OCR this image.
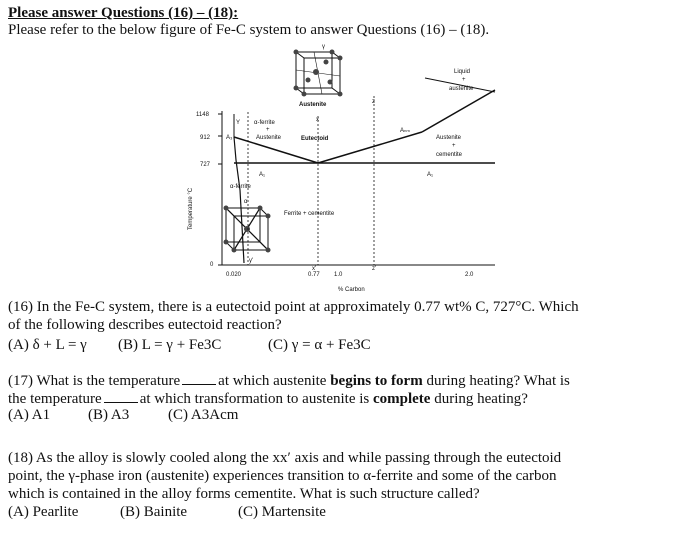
Please answer Questions (16) – (18):
Please refer to the below figure of Fe-C system to answer Questions (16) – (18).
1148
912
727
0
0.020	0.77 1.0	2.0
% Carbon
Temperature °C
γ
Austenite
Liquid
+
austenite
Y α-ferrite
+
Austenite	Eutectoid
x
A₃
A₁
Aₙₘ
Austenite
+
cementite
A₁
α-ferrite
α
Ferrite + cementite
y'
x'
z
z'
(16) In the Fe-C system, there is a eutectoid point at approximately 0.77 wt% C, 727°C. Which
of the following describes eutectoid reaction?
(A) δ + L = γ (B) L = γ + Fe3C	(C) γ = α + Fe3C
(17) What is the temperature	at which austenite begins to form during heating? What is
the temperature	at which transformation to austenite is complete during heating?
(A) A1	(B) A3	(C) A3Acm
(18) As the alloy is slowly cooled along the xx′ axis and while passing through the eutectoid
point, the γ-phase iron (austenite) experiences transition to α-ferrite and some of the carbon
which is contained in the alloy forms cementite. What is such structure called?
(A) Pearlite	(B) Bainite	(C) Martensite
